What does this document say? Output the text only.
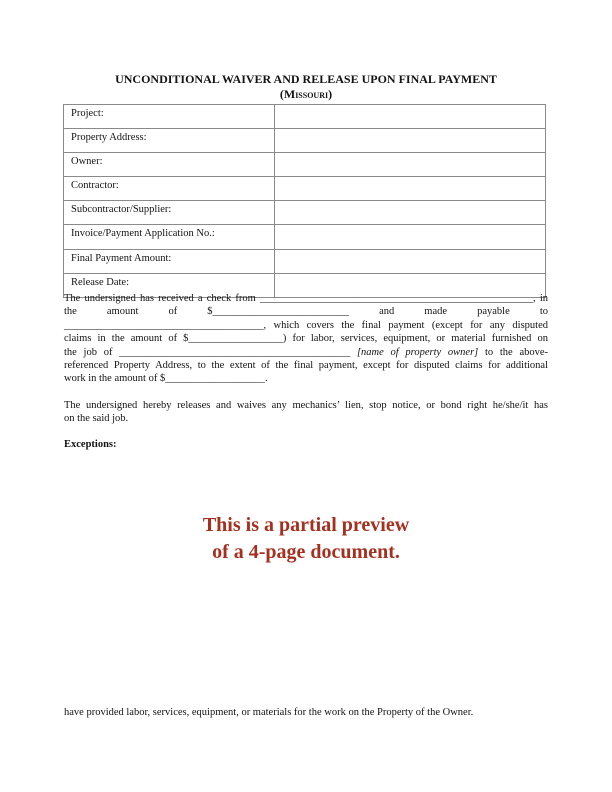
UNCONDITIONAL WAIVER AND RELEASE UPON FINAL PAYMENT
(Missouri)
Project:	
Property Address:	
Owner:	
Contractor:	
Subcontractor/Supplier:	
Invoice/Payment Application No.:	
Final Payment Amount:	
Release Date:	
The undersigned has received a check from ____________________________________________________, in
the amount of $__________________________ and made payable to
______________________________________, which covers the final payment (except for any disputed
claims in the amount of $__________________) for labor, services, equipment, or material furnished on
the job of ____________________________________________ [name of property owner] to the above-
referenced Property Address, to the extent of the final payment, except for disputed claims for additional
work in the amount of $___________________.
The undersigned hereby releases and waives any mechanics’ lien, stop notice, or bond right he/she/it has
on the said job.
Exceptions:
This is a partial preview
of a 4-page document.
have provided labor, services, equipment, or materials for the work on the Property of the Owner.
